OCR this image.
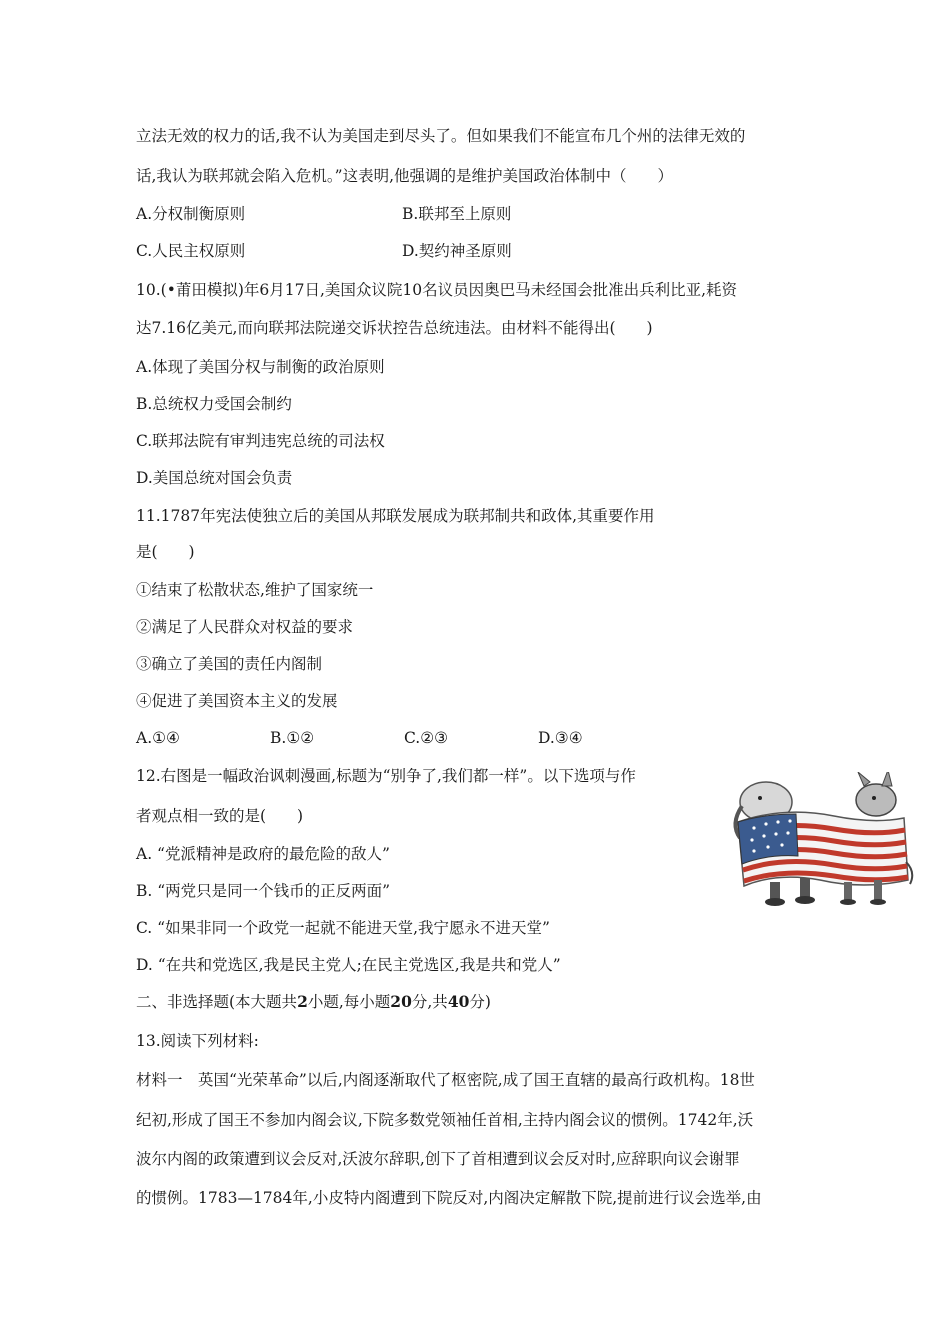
立法无效的权力的话,我不认为美国走到尽头了。但如果我们不能宣布几个州的法律无效的
话,我认为联邦就会陷入危机。”这表明,他强调的是维护美国政治体制中（　　）
A.分权制衡原则	B.联邦至上原则
C.人民主权原则	D.契约神圣原则
10.(•莆田模拟)年6月17日,美国众议院10名议员因奥巴马未经国会批准出兵利比亚,耗资
达7.16亿美元,而向联邦法院递交诉状控告总统违法。由材料不能得出(　　)
A.体现了美国分权与制衡的政治原则
B.总统权力受国会制约
C.联邦法院有审判违宪总统的司法权
D.美国总统对国会负责
11.1787年宪法使独立后的美国从邦联发展成为联邦制共和政体,其重要作用
是(　　)
①结束了松散状态,维护了国家统一
②满足了人民群众对权益的要求
③确立了美国的责任内阁制
④促进了美国资本主义的发展
A.①④	B.①②	C.②③	D.③④
12.右图是一幅政治讽刺漫画,标题为“别争了,我们都一样”。以下选项与作
者观点相一致的是(　　)
A. “党派精神是政府的最危险的敌人”
B. “两党只是同一个钱币的正反两面”
C. “如果非同一个政党一起就不能进天堂,我宁愿永不进天堂”
D. “在共和党选区,我是民主党人;在民主党选区,我是共和党人”
二、非选择题(本大题共2小题,每小题20分,共40分)
13.阅读下列材料:
材料一　英国“光荣革命”以后,内阁逐渐取代了枢密院,成了国王直辖的最高行政机构。18世
纪初,形成了国王不参加内阁会议,下院多数党领袖任首相,主持内阁会议的惯例。1742年,沃
波尔内阁的政策遭到议会反对,沃波尔辞职,创下了首相遭到议会反对时,应辞职向议会谢罪
的惯例。1783—1784年,小皮特内阁遭到下院反对,内阁决定解散下院,提前进行议会选举,由
